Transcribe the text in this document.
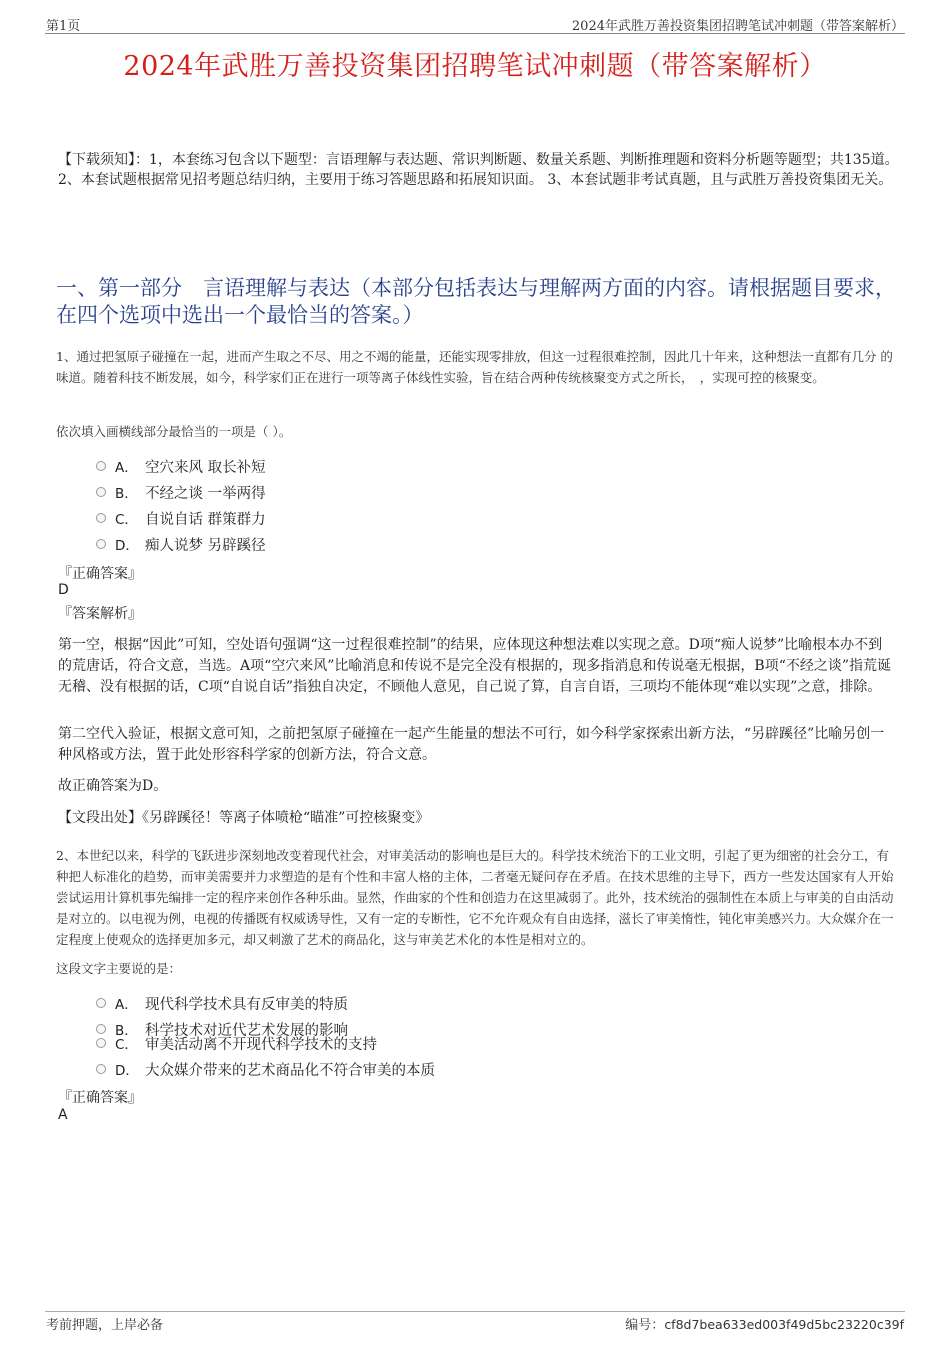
第1页	2024年武胜万善投资集团招聘笔试冲刺题（带答案解析）
2024年武胜万善投资集团招聘笔试冲刺题（带答案解析）
【下载须知】：1，本套练习包含以下题型：言语理解与表达题、常识判断题、数量关系题、判断推理题和资料分析题等题型；共135道。 2、本套试题根据常见招考题总结归纳，主要用于练习答题思路和拓展知识面。 3、本套试题非考试真题，且与武胜万善投资集团无关。
一、第一部分　言语理解与表达（本部分包括表达与理解两方面的内容。请根据题目要求，在四个选项中选出一个最恰当的答案。）
1、通过把氢原子碰撞在一起，进而产生取之不尽、用之不竭的能量，还能实现零排放，但这一过程很难控制，因此几十年来，这种想法一直都有几分 的味道。随着科技不断发展，如今，科学家们正在进行一项等离子体线性实验，旨在结合两种传统核聚变方式之所长，　，实现可控的核聚变。
依次填入画横线部分最恰当的一项是（ ）。
A． 空穴来风 取长补短
B． 不经之谈 一举两得
C． 自说自话 群策群力
D． 痴人说梦 另辟蹊径
『正确答案』
D
『答案解析』
第一空，根据“因此”可知，空处语句强调“这一过程很难控制”的结果，应体现这种想法难以实现之意。D项“痴人说梦”比喻根本办不到的荒唐话，符合文意，当选。A项“空穴来风”比喻消息和传说不是完全没有根据的，现多指消息和传说毫无根据，B项“不经之谈”指荒诞无稽、没有根据的话，C项“自说自话”指独自决定，不顾他人意见，自己说了算，自言自语，三项均不能体现“难以实现”之意，排除。
第二空代入验证，根据文意可知，之前把氢原子碰撞在一起产生能量的想法不可行，如今科学家探索出新方法，“另辟蹊径”比喻另创一种风格或方法，置于此处形容科学家的创新方法，符合文意。
故正确答案为D。
【文段出处】《另辟蹊径！等离子体喷枪“瞄准”可控核聚变》
2、本世纪以来，科学的飞跃进步深刻地改变着现代社会，对审美活动的影响也是巨大的。科学技术统治下的工业文明，引起了更为细密的社会分工，有种把人标准化的趋势，而审美需要并力求塑造的是有个性和丰富人格的主体，二者毫无疑问存在矛盾。在技术思维的主导下，西方一些发达国家有人开始尝试运用计算机事先编排一定的程序来创作各种乐曲。显然，作曲家的个性和创造力在这里减弱了。此外，技术统治的强制性在本质上与审美的自由活动是对立的。以电视为例，电视的传播既有权威诱导性，又有一定的专断性，它不允许观众有自由选择，滋长了审美惰性，钝化审美感兴力。大众媒介在一定程度上使观众的选择更加多元，却又刺激了艺术的商品化，这与审美艺术化的本性是相对立的。
这段文字主要说的是：
A． 现代科学技术具有反审美的特质
B． 科学技术对近代艺术发展的影响
C． 审美活动离不开现代科学技术的支持
D． 大众媒介带来的艺术商品化不符合审美的本质
『正确答案』
A
考前押题，上岸必备	编号：cf8d7bea633ed003f49d5bc23220c39f
